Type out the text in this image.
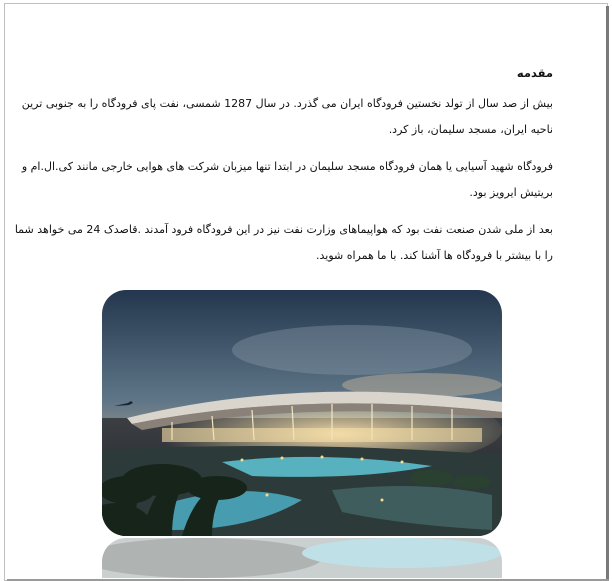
مقدمه
بیش از صد سال از تولد نخستین فرودگاه ایران می گذرد. در سال 1287 شمسی، نفت پای فرودگاه را به جنوبی ترین ناحیه ایران، مسجد سلیمان، باز کرد.
فرودگاه شهید آسیایی یا همان فرودگاه مسجد سلیمان در ابتدا تنها میزبان شرکت های هوایی خارجی مانند کی.ال.ام و بریتیش ایرویز بود.
بعد از ملی شدن صنعت نفت بود که هواپیماهای وزارت نفت نیز در این فرودگاه فرود آمدند .قاصدک 24 می خواهد شما را با بیشتر با فرودگاه ها آشنا کند. با ما همراه شوید.
